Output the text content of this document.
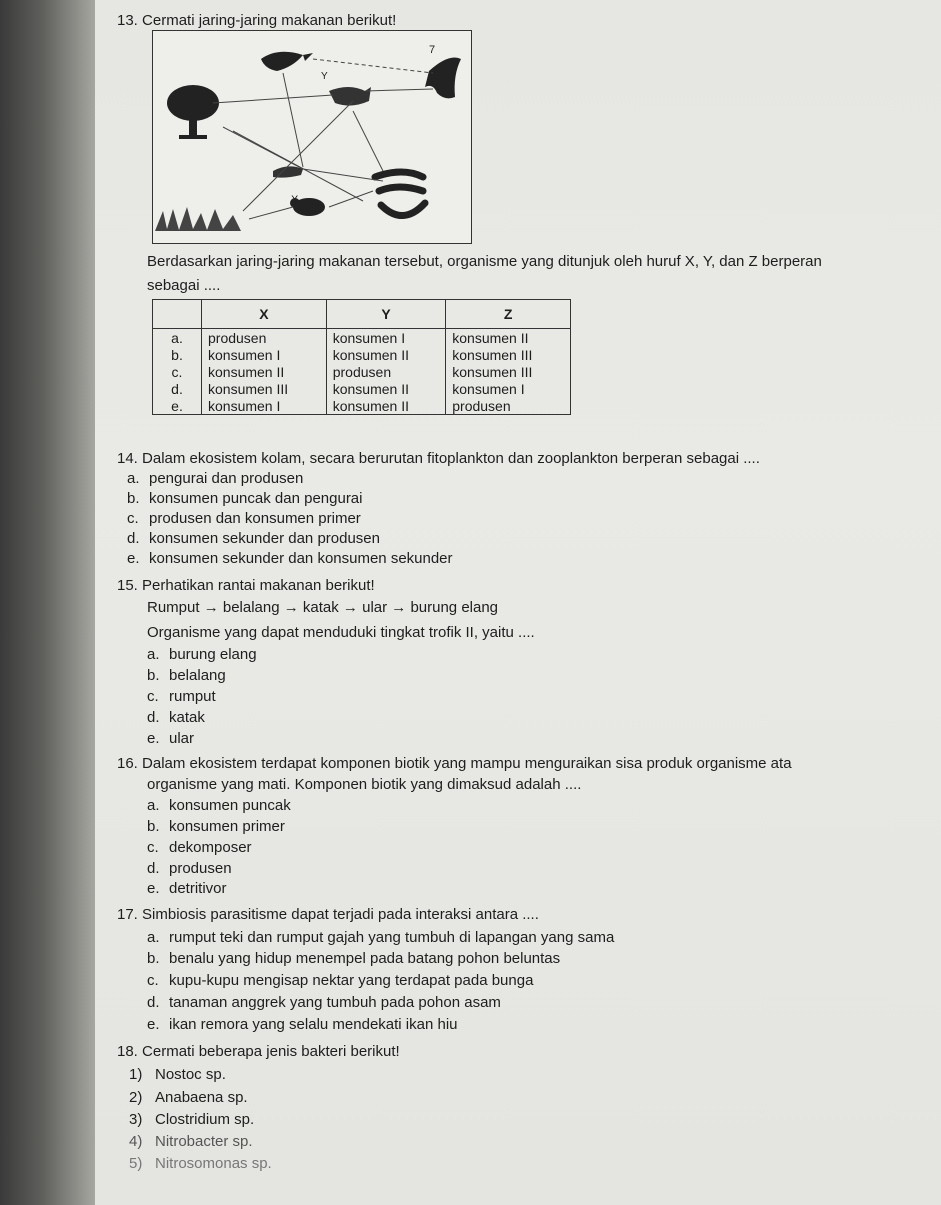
13. Cermati jaring-jaring makanan berikut!
7
Y
X
Berdasarkan jaring-jaring makanan tersebut, organisme yang ditunjuk oleh huruf X, Y, dan Z berperan
sebagai ....
	X	Y	Z
a.	produsen	konsumen I	konsumen II
b.	konsumen I	konsumen II	konsumen III
c.	konsumen II	produsen	konsumen III
d.	konsumen III	konsumen II	konsumen I
e.	konsumen I	konsumen II	produsen
14. Dalam ekosistem kolam, secara berurutan fitoplankton dan zooplankton berperan sebagai ....
a. pengurai dan produsen
b. konsumen puncak dan pengurai
c. produsen dan konsumen primer
d. konsumen sekunder dan produsen
e. konsumen sekunder dan konsumen sekunder
15. Perhatikan rantai makanan berikut!
Rumput → belalang → katak → ular → burung elang
Organisme yang dapat menduduki tingkat trofik II, yaitu ....
a. burung elang
b. belalang
c. rumput
d. katak
e. ular
16. Dalam ekosistem terdapat komponen biotik yang mampu menguraikan sisa produk organisme ata
organisme yang mati. Komponen biotik yang dimaksud adalah ....
a. konsumen puncak
b. konsumen primer
c. dekomposer
d. produsen
e. detritivor
17. Simbiosis parasitisme dapat terjadi pada interaksi antara ....
a. rumput teki dan rumput gajah yang tumbuh di lapangan yang sama
b. benalu yang hidup menempel pada batang pohon beluntas
c. kupu-kupu mengisap nektar yang terdapat pada bunga
d. tanaman anggrek yang tumbuh pada pohon asam
e. ikan remora yang selalu mendekati ikan hiu
18. Cermati beberapa jenis bakteri berikut!
1) Nostoc sp.
2) Anabaena sp.
3) Clostridium sp.
4) Nitrobacter sp.
5) Nitrosomonas sp.
